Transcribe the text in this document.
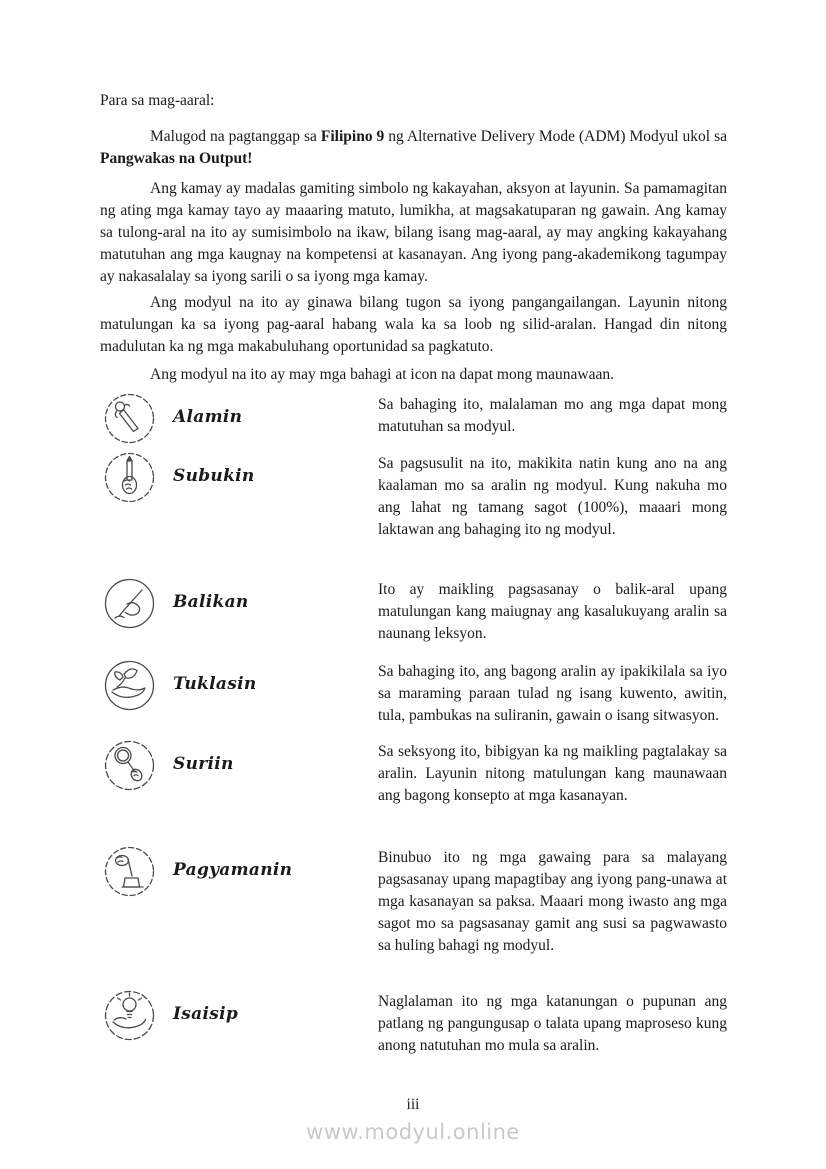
Para sa mag-aaral:

Malugod na pagtanggap sa Filipino 9 ng Alternative Delivery Mode (ADM) Modyul ukol sa Pangwakas na Output!

Ang kamay ay madalas gamiting simbolo ng kakayahan, aksyon at layunin. Sa pamamagitan ng ating mga kamay tayo ay maaaring matuto, lumikha, at magsakatuparan ng gawain. Ang kamay sa tulong-aral na ito ay sumisimbolo na ikaw, bilang isang mag-aaral, ay may angking kakayahang matutuhan ang mga kaugnay na kompetensi at kasanayan. Ang iyong pang-akademikong tagumpay ay nakasalalay sa iyong sarili o sa iyong mga kamay.

Ang modyul na ito ay ginawa bilang tugon sa iyong pangangailangan. Layunin nitong matulungan ka sa iyong pag-aaral habang wala ka sa loob ng silid-aralan. Hangad din nitong madulutan ka ng mga makabuluhang oportunidad sa pagkatuto.

Ang modyul na ito ay may mga bahagi at icon na dapat mong maunawaan.

Alamin
Sa bahaging ito, malalaman mo ang mga dapat mong matutuhan sa modyul.
Subukin
Sa pagsusulit na ito, makikita natin kung ano na ang kaalaman mo sa aralin ng modyul. Kung nakuha mo ang lahat ng tamang sagot (100%), maaari mong laktawan ang bahaging ito ng modyul.
Balikan
Ito ay maikling pagsasanay o balik-aral upang matulungan kang maiugnay ang kasalukuyang aralin sa naunang leksyon.
Tuklasin
Sa bahaging ito, ang bagong aralin ay ipakikilala sa iyo sa maraming paraan tulad ng isang kuwento, awitin, tula, pambukas na suliranin, gawain o isang sitwasyon.
Suriin
Sa seksyong ito, bibigyan ka ng maikling pagtalakay sa aralin. Layunin nitong matulungan kang maunawaan ang bagong konsepto at mga kasanayan.
Pagyamanin
Binubuo ito ng mga gawaing para sa malayang pagsasanay upang mapagtibay ang iyong pang-unawa at mga kasanayan sa paksa. Maaari mong iwasto ang mga sagot mo sa pagsasanay gamit ang susi sa pagwawasto sa huling bahagi ng modyul.
Isaisip
Naglalaman ito ng mga katanungan o pupunan ang patlang ng pangungusap o talata upang maproseso kung anong natutuhan mo mula sa aralin.
iii
www.modyul.online
